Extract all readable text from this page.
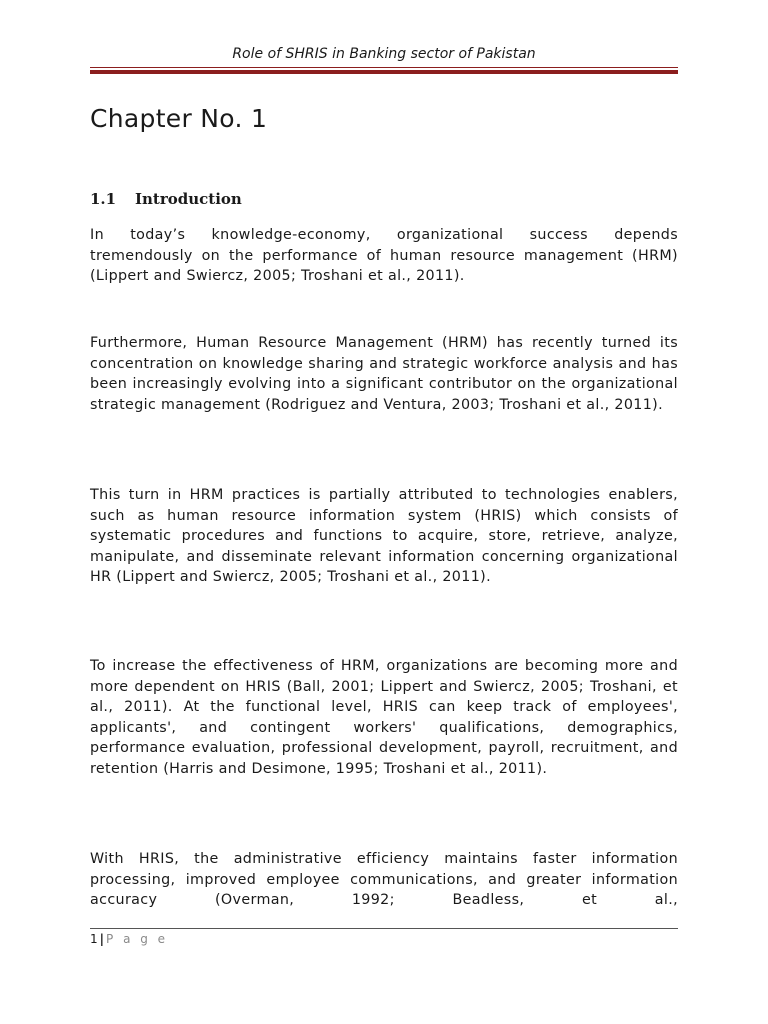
Role of SHRIS in Banking sector of Pakistan
Chapter No. 1
1.1 Introduction

In today’s knowledge-economy, organizational success depends tremendously on the performance of human resource management (HRM) (Lippert and Swiercz, 2005; Troshani et al., 2011).

Furthermore, Human Resource Management (HRM) has recently turned its concentration on knowledge sharing and strategic workforce analysis and has been increasingly evolving into a significant contributor on the organizational strategic management (Rodriguez and Ventura, 2003; Troshani et al., 2011).

This turn in HRM practices is partially attributed to technologies enablers, such as human resource information system (HRIS) which consists of systematic procedures and functions to acquire, store, retrieve, analyze, manipulate, and disseminate relevant information concerning organizational HR (Lippert and Swiercz, 2005; Troshani et al., 2011).

To increase the effectiveness of HRM, organizations are becoming more and more dependent on HRIS (Ball, 2001; Lippert and Swiercz, 2005; Troshani, et al., 2011). At the functional level, HRIS can keep track of employees', applicants', and contingent workers' qualifications, demographics, performance evaluation, professional development, payroll, recruitment, and retention (Harris and Desimone, 1995; Troshani et al., 2011).

With HRIS, the administrative efficiency maintains faster information processing, improved employee communications, and greater information accuracy (Overman, 1992; Beadless, et al.,

1 | P a g e
